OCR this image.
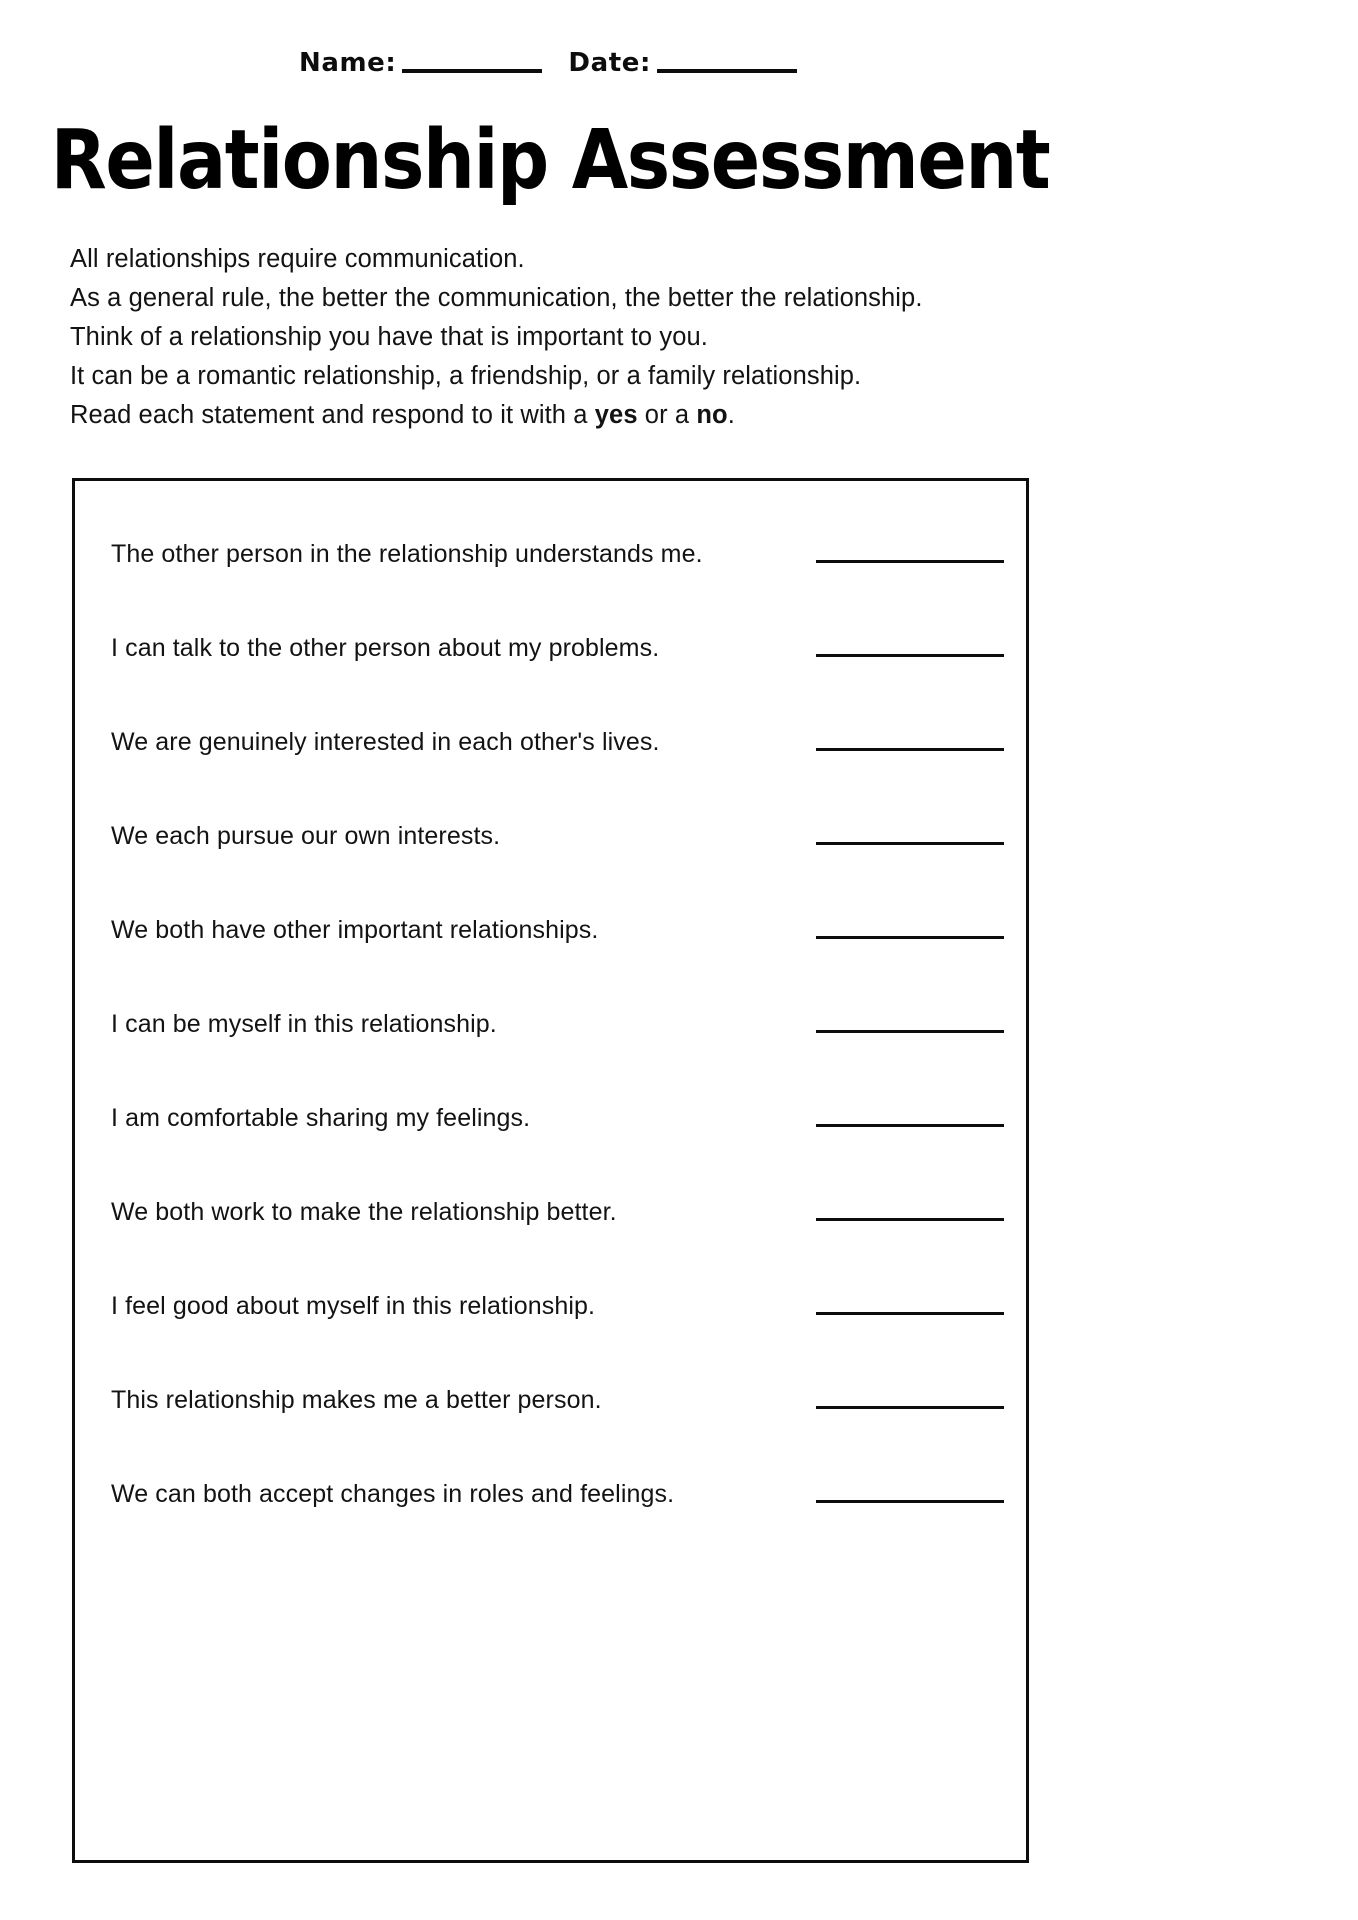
Name:	Date:
Relationship Assessment
All relationships require communication.
As a general rule, the better the communication, the better the relationship.
Think of a relationship you have that is important to you.
It can be a romantic relationship, a friendship, or a family relationship.
Read each statement and respond to it with a yes or a no.
The other person in the relationship understands me.
I can talk to the other person about my problems.
We are genuinely interested in each other's lives.
We each pursue our own interests.
We both have other important relationships.
I can be myself in this relationship.
I am comfortable sharing my feelings.
We both work to make the relationship better.
I feel good about myself in this relationship.
This relationship makes me a better person.
We can both accept changes in roles and feelings.
